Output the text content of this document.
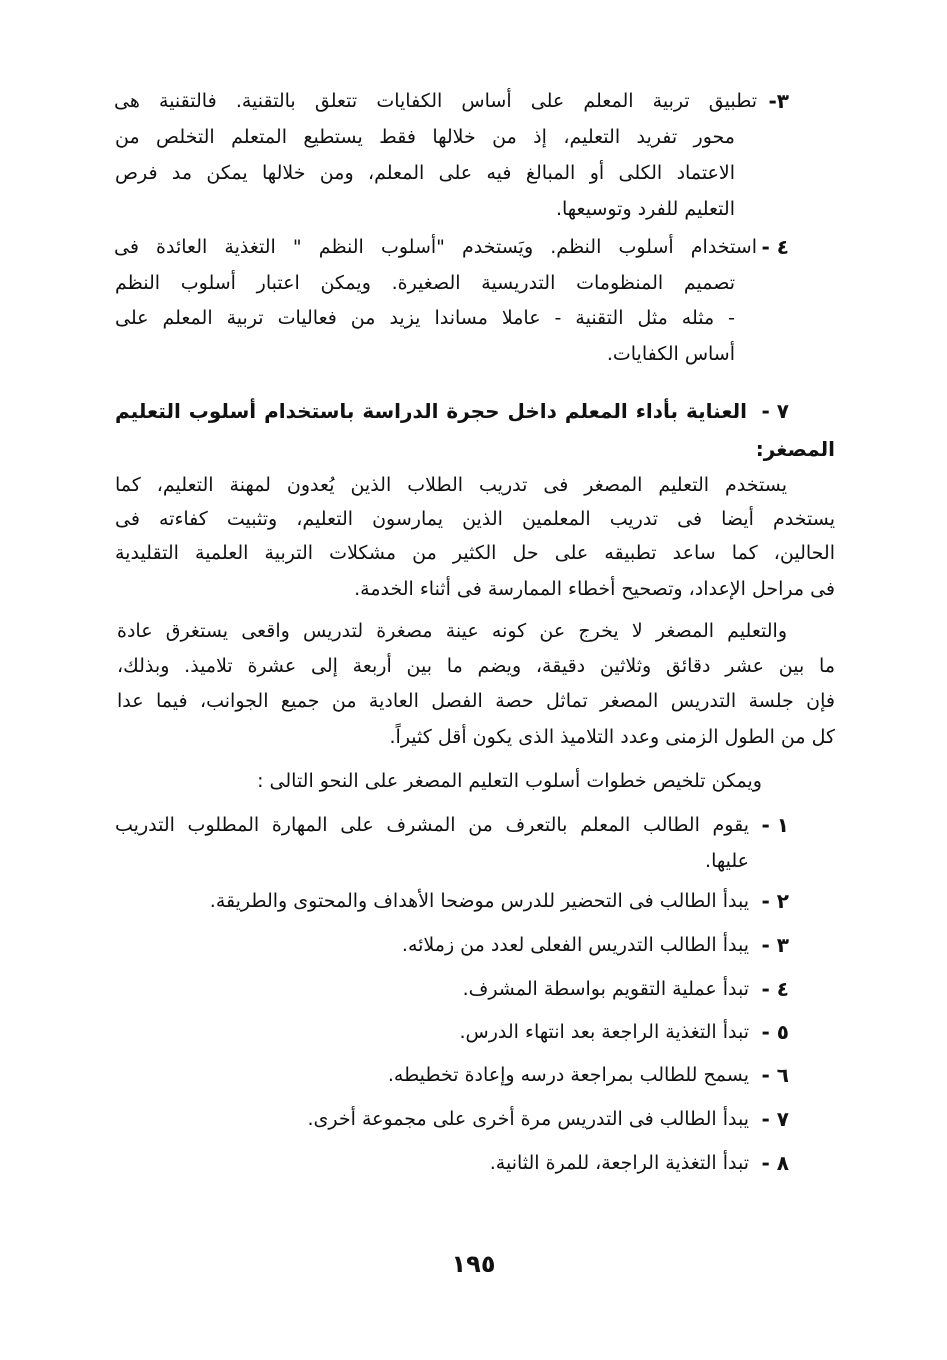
٣-
تطبيق تربية المعلم على أساس الكفايات تتعلق بالتقنية. فالتقنية هى
محور تفريد التعليم، إذ من خلالها فقط يستطيع المتعلم التخلص من
الاعتماد الكلى أو المبالغ فيه على المعلم، ومن خلالها يمكن مد فرص
التعليم للفرد وتوسيعها.
٤ -
استخدام أسلوب النظم. ويَستخدم "أسلوب النظم " التغذية العائدة فى
تصميم المنظومات التدريسية الصغيرة. ويمكن اعتبار أسلوب النظم
- مثله مثل التقنية - عاملا مساندا يزيد من فعاليات تربية المعلم على
أساس الكفايات.
٧ -
العناية بأداء المعلم داخل حجرة الدراسة باستخدام أسلوب التعليم
المصغر:
يستخدم التعليم المصغر فى تدريب الطلاب الذين يُعدون لمهنة التعليم، كما
يستخدم أيضا فى تدريب المعلمين الذين يمارسون التعليم، وتثبيت كفاءته فى
الحالين، كما ساعد تطبيقه على حل الكثير من مشكلات التربية العلمية التقليدية
فى مراحل الإعداد، وتصحيح أخطاء الممارسة فى أثناء الخدمة.
والتعليم المصغر لا يخرج عن كونه عينة مصغرة لتدريس واقعى يستغرق عادة
ما بين عشر دقائق وثلاثين دقيقة، ويضم ما بين أربعة إلى عشرة تلاميذ. وبذلك،
فإن جلسة التدريس المصغر تماثل حصة الفصل العادية من جميع الجوانب، فيما عدا
كل من الطول الزمنى وعدد التلاميذ الذى يكون أقل كثيراً.
ويمكن تلخيص خطوات أسلوب التعليم المصغر على النحو التالى :
١ -
يقوم الطالب المعلم بالتعرف من المشرف على المهارة المطلوب التدريب
عليها.
٢ -
يبدأ الطالب فى التحضير للدرس موضحا الأهداف والمحتوى والطريقة.
٣ -
يبدأ الطالب التدريس الفعلى لعدد من زملائه.
٤ -
تبدأ عملية التقويم بواسطة المشرف.
٥ -
تبدأ التغذية الراجعة بعد انتهاء الدرس.
٦ -
يسمح للطالب بمراجعة درسه وإعادة تخطيطه.
٧ -
يبدأ الطالب فى التدريس مرة أخرى على مجموعة أخرى.
٨ -
تبدأ التغذية الراجعة، للمرة الثانية.
١٩٥
